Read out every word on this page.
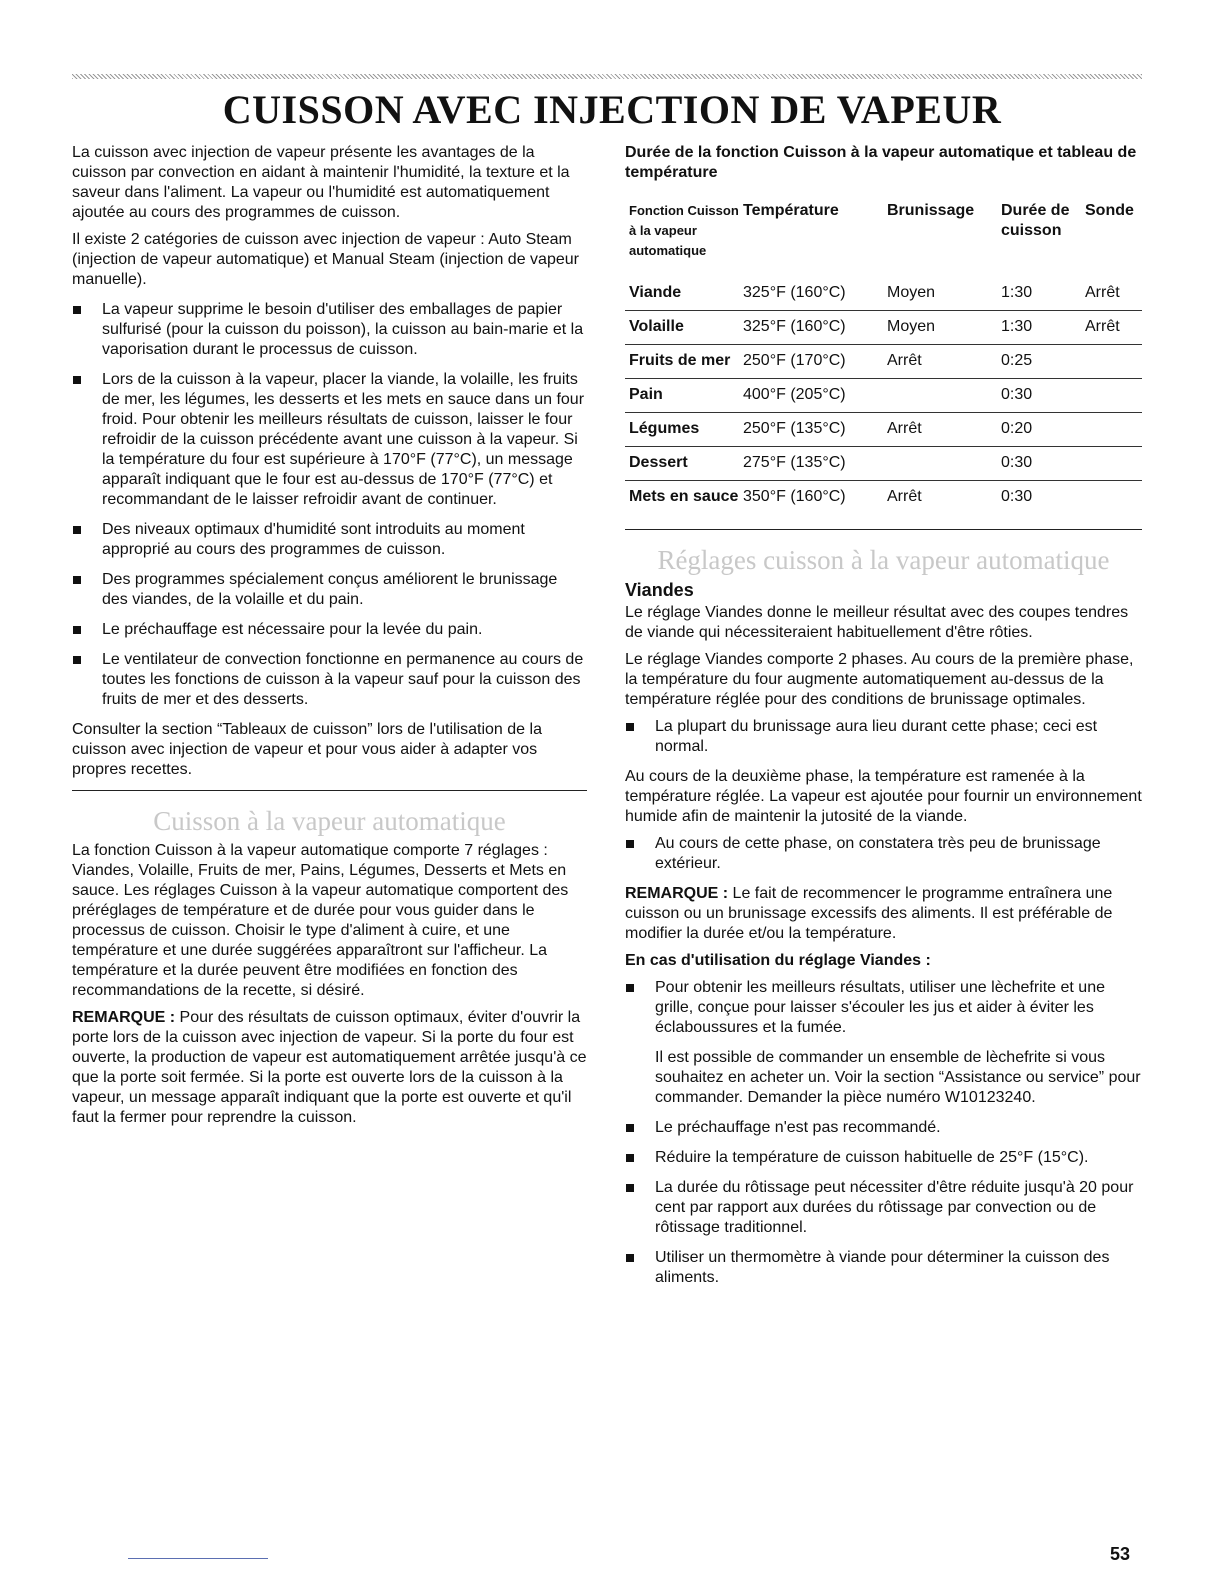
CUISSON AVEC INJECTION DE VAPEUR

La cuisson avec injection de vapeur présente les avantages de la cuisson par convection en aidant à maintenir l'humidité, la texture et la saveur dans l'aliment. La vapeur ou l'humidité est automatiquement ajoutée au cours des programmes de cuisson.

Il existe 2 catégories de cuisson avec injection de vapeur : Auto Steam (injection de vapeur automatique) et Manual Steam (injection de vapeur manuelle).

La vapeur supprime le besoin d'utiliser des emballages de papier sulfurisé (pour la cuisson du poisson), la cuisson au bain-marie et la vaporisation durant le processus de cuisson.
Lors de la cuisson à la vapeur, placer la viande, la volaille, les fruits de mer, les légumes, les desserts et les mets en sauce dans un four froid. Pour obtenir les meilleurs résultats de cuisson, laisser le four refroidir de la cuisson précédente avant une cuisson à la vapeur. Si la température du four est supérieure à 170°F (77°C), un message apparaît indiquant que le four est au-dessus de 170°F (77°C) et recommandant de le laisser refroidir avant de continuer.
Des niveaux optimaux d'humidité sont introduits au moment approprié au cours des programmes de cuisson.
Des programmes spécialement conçus améliorent le brunissage des viandes, de la volaille et du pain.
Le préchauffage est nécessaire pour la levée du pain.
Le ventilateur de convection fonctionne en permanence au cours de toutes les fonctions de cuisson à la vapeur sauf pour la cuisson des fruits de mer et des desserts.

Consulter la section “Tableaux de cuisson” lors de l'utilisation de la cuisson avec injection de vapeur et pour vous aider à adapter vos propres recettes.

Cuisson à la vapeur automatique

La fonction Cuisson à la vapeur automatique comporte 7 réglages : Viandes, Volaille, Fruits de mer, Pains, Légumes, Desserts et Mets en sauce. Les réglages Cuisson à la vapeur automatique comportent des préréglages de température et de durée pour vous guider dans le processus de cuisson. Choisir le type d'aliment à cuire, et une température et une durée suggérées apparaîtront sur l'afficheur. La température et la durée peuvent être modifiées en fonction des recommandations de la recette, si désiré.

REMARQUE : Pour des résultats de cuisson optimaux, éviter d'ouvrir la porte lors de la cuisson avec injection de vapeur. Si la porte du four est ouverte, la production de vapeur est automatiquement arrêtée jusqu'à ce que la porte soit fermée. Si la porte est ouverte lors de la cuisson à la vapeur, un message apparaît indiquant que la porte est ouverte et qu'il faut la fermer pour reprendre la cuisson.

Durée de la fonction Cuisson à la vapeur automatique et tableau de température

Fonction Cuisson à la vapeur automatique	Température	Brunissage	Durée de cuisson	Sonde
Viande	325°F (160°C)	Moyen	1:30	Arrêt
Volaille	325°F (160°C)	Moyen	1:30	Arrêt
Fruits de mer	250°F (170°C)	Arrêt	0:25	
Pain	400°F (205°C)		0:30	
Légumes	250°F (135°C)	Arrêt	0:20	
Dessert	275°F (135°C)		0:30	
Mets en sauce	350°F (160°C)	Arrêt	0:30	
Réglages cuisson à la vapeur automatique
Viandes

Le réglage Viandes donne le meilleur résultat avec des coupes tendres de viande qui nécessiteraient habituellement d'être rôties.

Le réglage Viandes comporte 2 phases. Au cours de la première phase, la température du four augmente automatiquement au-dessus de la température réglée pour des conditions de brunissage optimales.

La plupart du brunissage aura lieu durant cette phase; ceci est normal.

Au cours de la deuxième phase, la température est ramenée à la température réglée. La vapeur est ajoutée pour fournir un environnement humide afin de maintenir la jutosité de la viande.

Au cours de cette phase, on constatera très peu de brunissage extérieur.

REMARQUE : Le fait de recommencer le programme entraînera une cuisson ou un brunissage excessifs des aliments. Il est préférable de modifier la durée et/ou la température.

En cas d'utilisation du réglage Viandes :

Pour obtenir les meilleurs résultats, utiliser une lèchefrite et une grille, conçue pour laisser s'écouler les jus et aider à éviter les éclaboussures et la fumée.

Il est possible de commander un ensemble de lèchefrite si vous souhaitez en acheter un. Voir la section “Assistance ou service” pour commander. Demander la pièce numéro W10123240.

Le préchauffage n'est pas recommandé.
Réduire la température de cuisson habituelle de 25°F (15°C).
La durée du rôtissage peut nécessiter d'être réduite jusqu'à 20 pour cent par rapport aux durées du rôtissage par convection ou de rôtissage traditionnel.
Utiliser un thermomètre à viande pour déterminer la cuisson des aliments.
53
